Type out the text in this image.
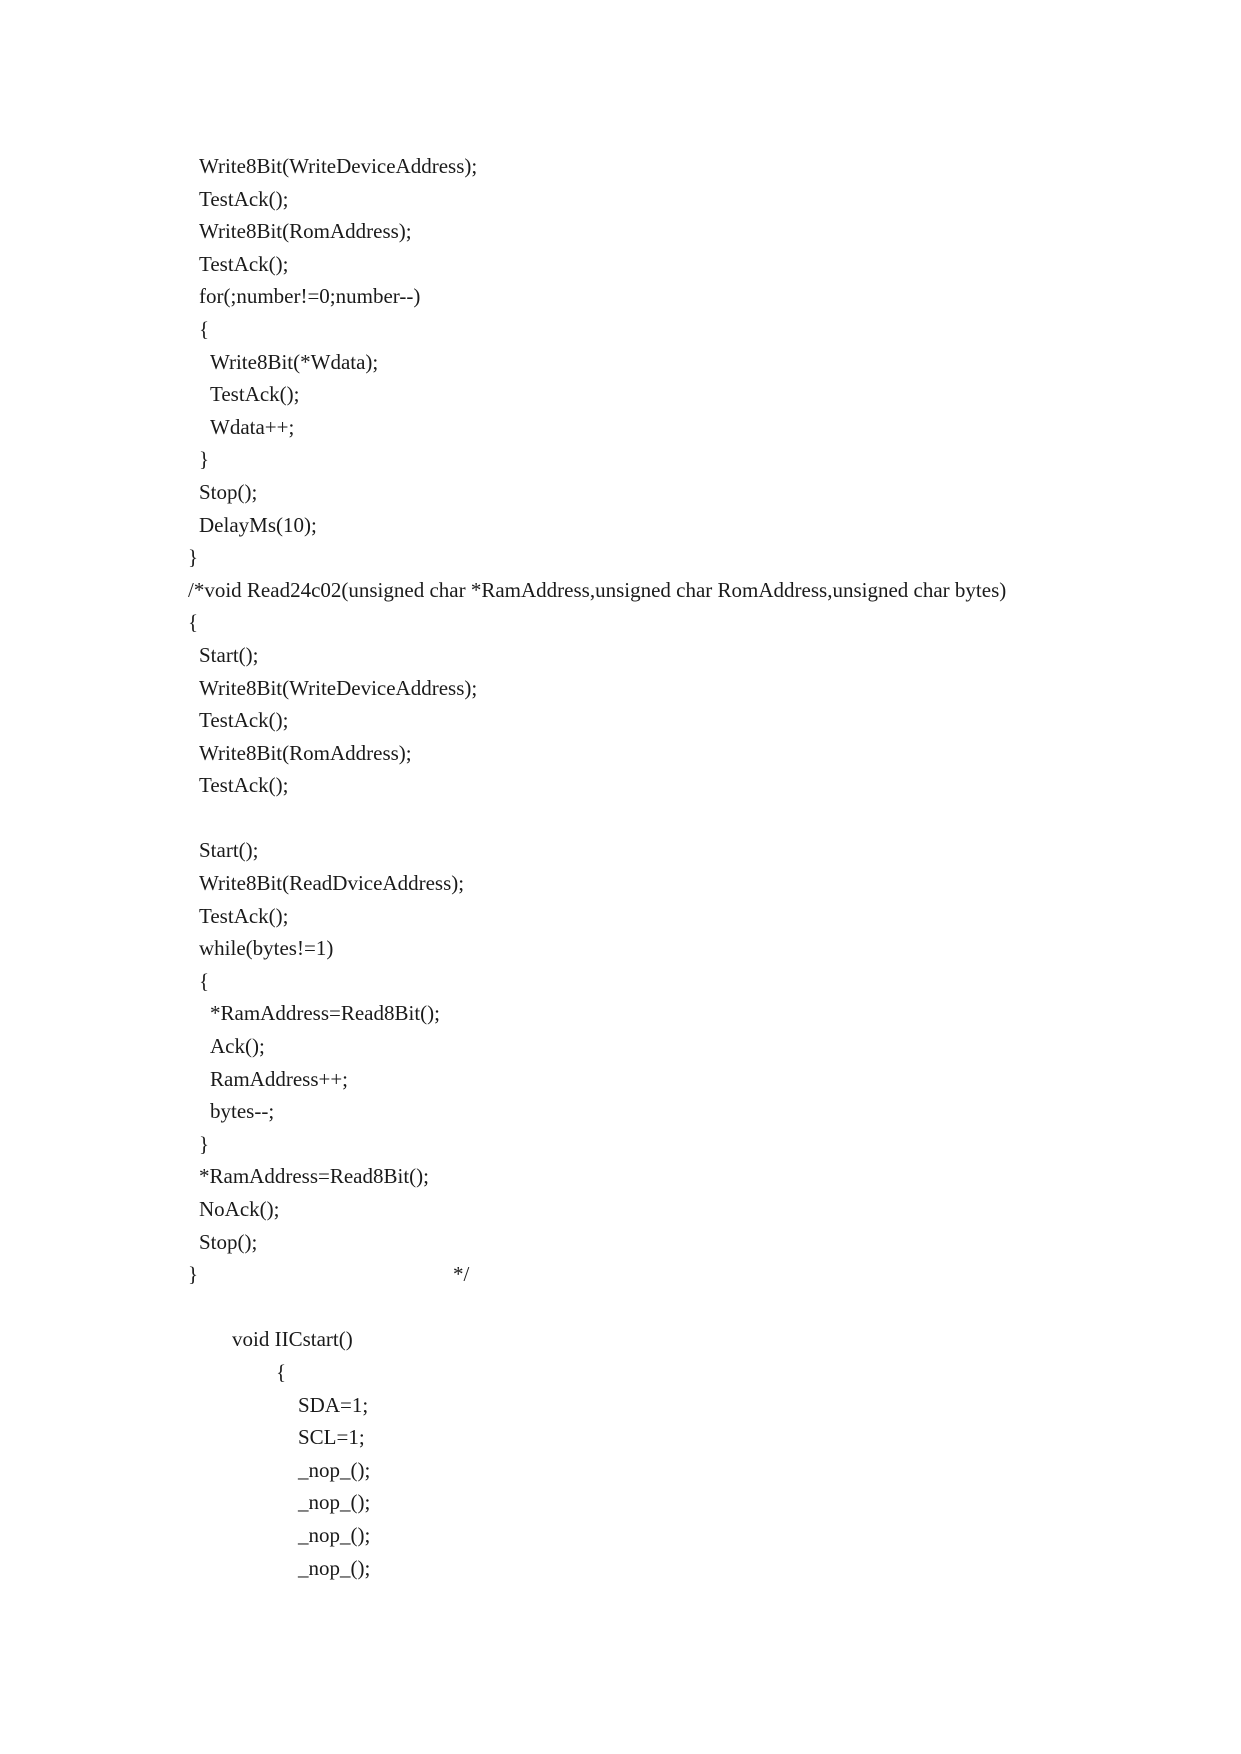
Write8Bit(WriteDeviceAddress);
TestAck();
Write8Bit(RomAddress);
TestAck();
for(;number!=0;number--)
{
Write8Bit(*Wdata);
TestAck();
Wdata++;
}
Stop();
DelayMs(10);
}
/*void Read24c02(unsigned char *RamAddress,unsigned char RomAddress,unsigned char bytes)
{
Start();
Write8Bit(WriteDeviceAddress);
TestAck();
Write8Bit(RomAddress);
TestAck();
Start();
Write8Bit(ReadDviceAddress);
TestAck();
while(bytes!=1)
{
*RamAddress=Read8Bit();
Ack();
RamAddress++;
bytes--;
}
*RamAddress=Read8Bit();
NoAck();
Stop();
}	*/
void IICstart()
{
SDA=1;
SCL=1;
_nop_();
_nop_();
_nop_();
_nop_();
